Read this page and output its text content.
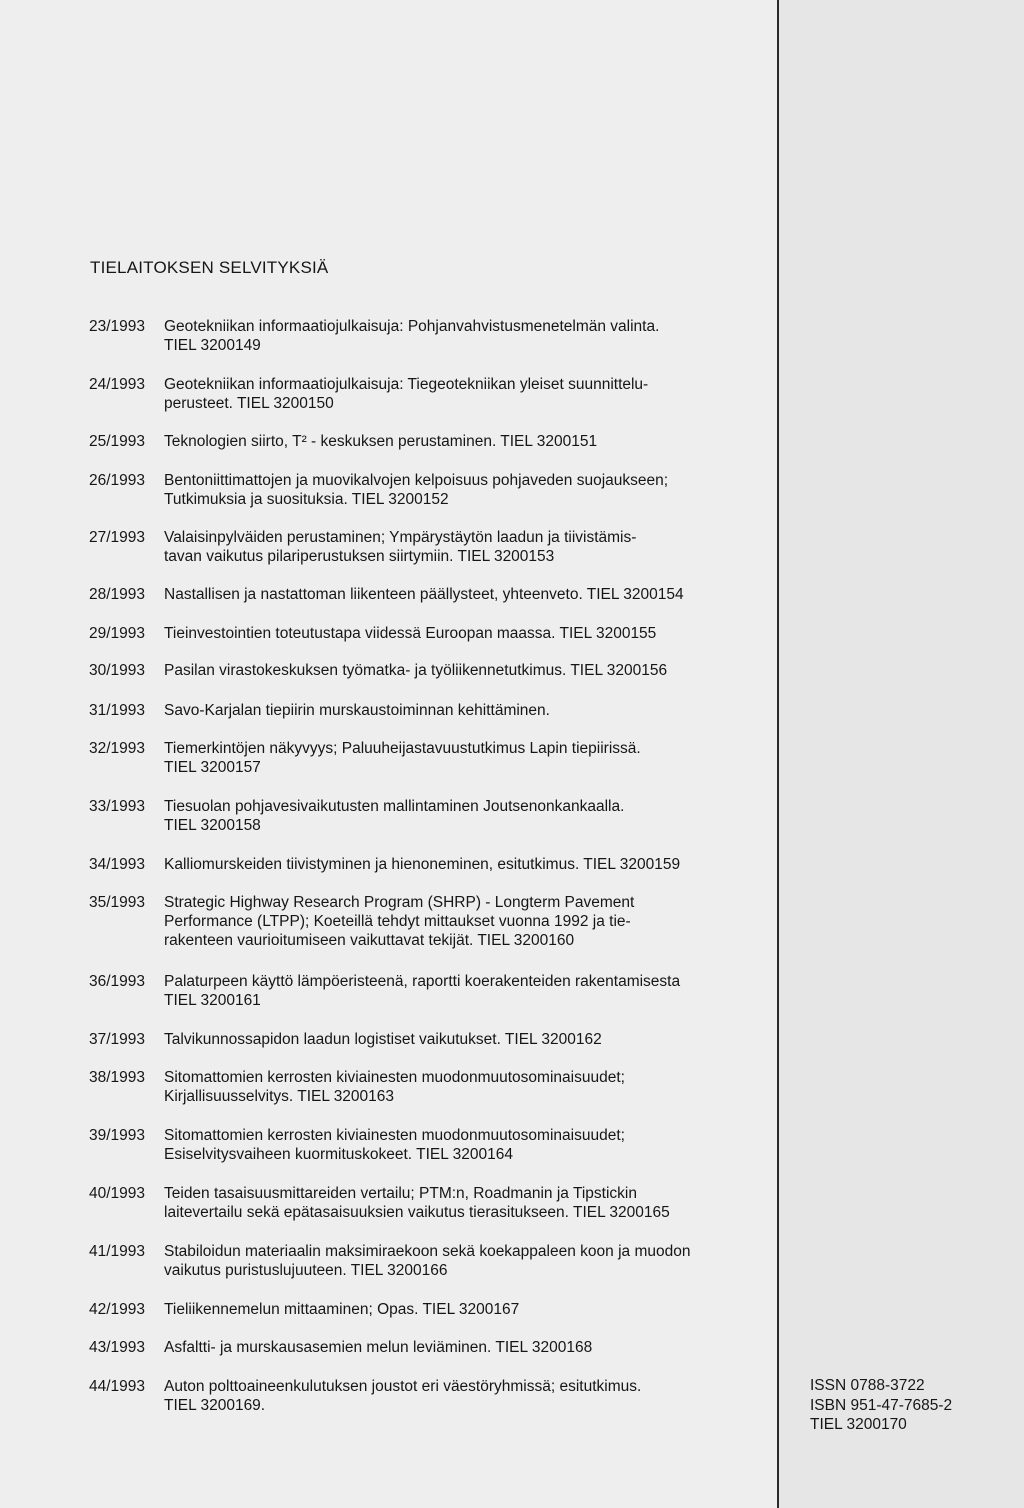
TIELAITOKSEN SELVITYKSIÄ
23/1993	Geotekniikan informaatiojulkaisuja: Pohjanvahvistusmenetelmän valinta.
TIEL 3200149
24/1993	Geotekniikan informaatiojulkaisuja: Tiegeotekniikan yleiset suunnittelu-
perusteet. TIEL 3200150
25/1993	Teknologien siirto, T² - keskuksen perustaminen. TIEL 3200151
26/1993	Bentoniittimattojen ja muovikalvojen kelpoisuus pohjaveden suojaukseen;
Tutkimuksia ja suosituksia. TIEL 3200152
27/1993	Valaisinpylväiden perustaminen; Ympärystäytön laadun ja tiivistämis-
tavan vaikutus pilariperustuksen siirtymiin. TIEL 3200153
28/1993	Nastallisen ja nastattoman liikenteen päällysteet, yhteenveto. TIEL 3200154
29/1993	Tieinvestointien toteutustapa viidessä Euroopan maassa. TIEL 3200155
30/1993	Pasilan virastokeskuksen työmatka- ja työliikennetutkimus. TIEL 3200156
31/1993	Savo-Karjalan tiepiirin murskaustoiminnan kehittäminen.
32/1993	Tiemerkintöjen näkyvyys; Paluuheijastavuustutkimus Lapin tiepiirissä.
TIEL 3200157
33/1993	Tiesuolan pohjavesivaikutusten mallintaminen Joutsenonkankaalla.
TIEL 3200158
34/1993	Kalliomurskeiden tiivistyminen ja hienoneminen, esitutkimus. TIEL 3200159
35/1993	Strategic Highway Research Program (SHRP) - Longterm Pavement
Performance (LTPP); Koeteillä tehdyt mittaukset vuonna 1992 ja tie-
rakenteen vaurioitumiseen vaikuttavat tekijät. TIEL 3200160
36/1993	Palaturpeen käyttö lämpöeristeenä, raportti koerakenteiden rakentamisesta
TIEL 3200161
37/1993	Talvikunnossapidon laadun logistiset vaikutukset. TIEL 3200162
38/1993	Sitomattomien kerrosten kiviainesten muodonmuutosominaisuudet;
Kirjallisuusselvitys. TIEL 3200163
39/1993	Sitomattomien kerrosten kiviainesten muodonmuutosominaisuudet;
Esiselvitysvaiheen kuormituskokeet. TIEL 3200164
40/1993	Teiden tasaisuusmittareiden vertailu; PTM:n, Roadmanin ja Tipstickin
laitevertailu sekä epätasaisuuksien vaikutus tierasitukseen. TIEL 3200165
41/1993	Stabiloidun materiaalin maksimiraekoon sekä koekappaleen koon ja muodon
vaikutus puristuslujuuteen. TIEL 3200166
42/1993	Tieliikennemelun mittaaminen; Opas. TIEL 3200167
43/1993	Asfaltti- ja murskausasemien melun leviäminen. TIEL 3200168
44/1993	Auton polttoaineenkulutuksen joustot eri väestöryhmissä; esitutkimus.
TIEL 3200169.
ISSN 0788-3722
ISBN 951-47-7685-2
TIEL 3200170
